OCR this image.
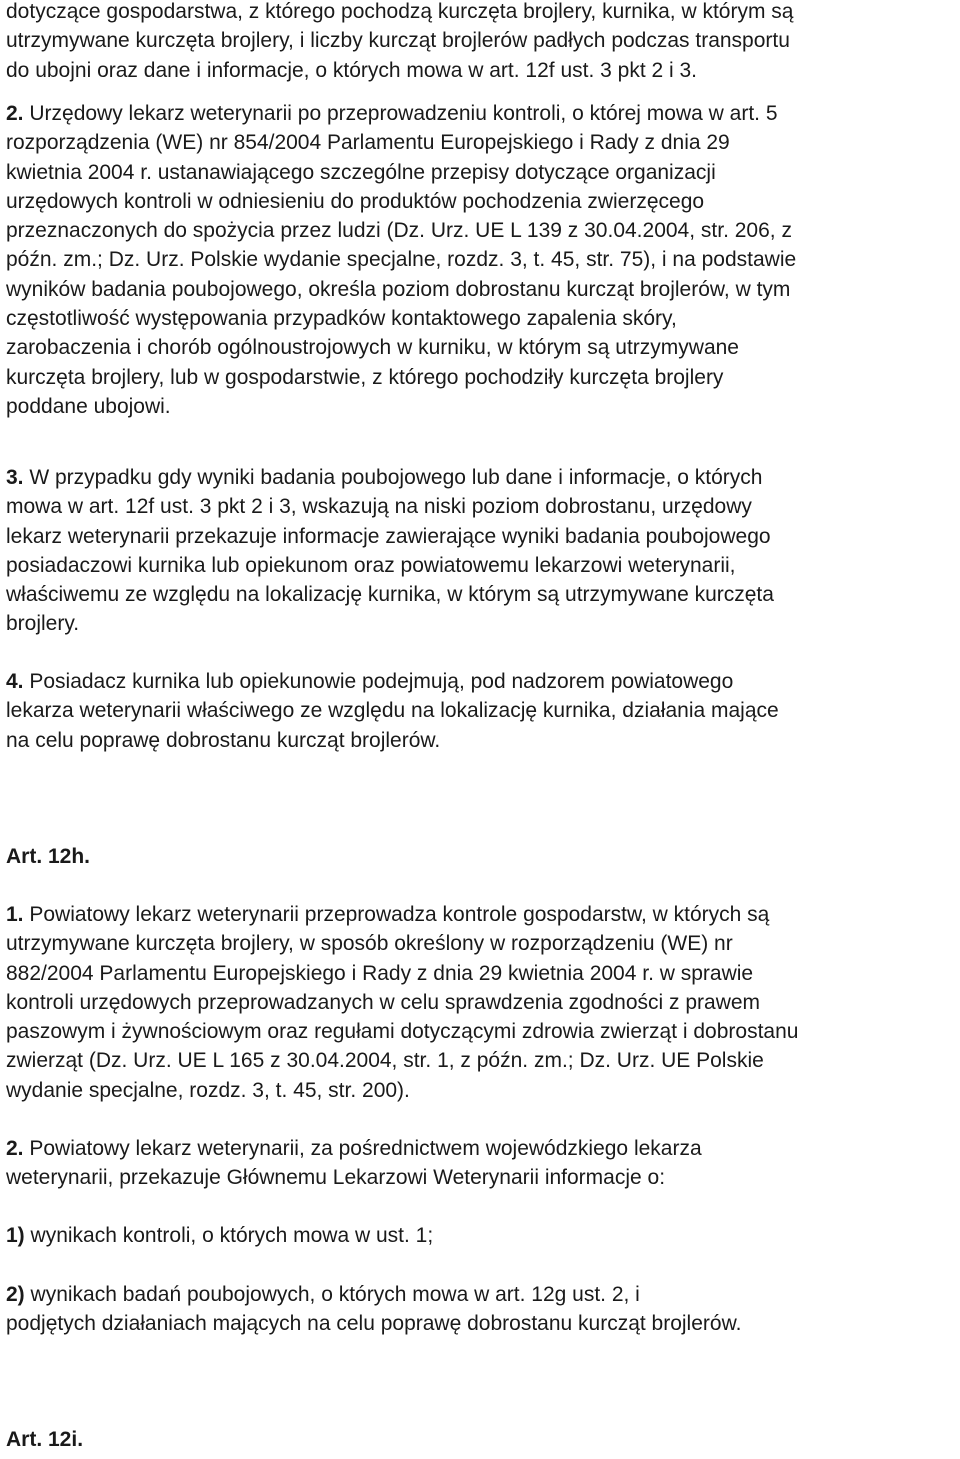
dotyczące gospodarstwa, z którego pochodzą kurczęta brojlery, kurnika, w którym są
utrzymywane kurczęta brojlery, i liczby kurcząt brojlerów padłych podczas transportu
do ubojni oraz dane i informacje, o których mowa w art. 12f ust. 3 pkt 2 i 3.

2. Urzędowy lekarz weterynarii po przeprowadzeniu kontroli, o której mowa w art. 5
rozporządzenia (WE) nr 854/2004 Parlamentu Europejskiego i Rady z dnia 29
kwietnia 2004 r. ustanawiającego szczególne przepisy dotyczące organizacji
urzędowych kontroli w odniesieniu do produktów pochodzenia zwierzęcego
przeznaczonych do spożycia przez ludzi (Dz. Urz. UE L 139 z 30.04.2004, str. 206, z
późn. zm.; Dz. Urz. Polskie wydanie specjalne, rozdz. 3, t. 45, str. 75), i na podstawie
wyników badania poubojowego, określa poziom dobrostanu kurcząt brojlerów, w tym
częstotliwość występowania przypadków kontaktowego zapalenia skóry,
zarobaczenia i chorób ogólnoustrojowych w kurniku, w którym są utrzymywane
kurczęta brojlery, lub w gospodarstwie, z którego pochodziły kurczęta brojlery
poddane ubojowi.

3. W przypadku gdy wyniki badania poubojowego lub dane i informacje, o których
mowa w art. 12f ust. 3 pkt 2 i 3, wskazują na niski poziom dobrostanu, urzędowy
lekarz weterynarii przekazuje informacje zawierające wyniki badania poubojowego
posiadaczowi kurnika lub opiekunom oraz powiatowemu lekarzowi weterynarii,
właściwemu ze względu na lokalizację kurnika, w którym są utrzymywane kurczęta
brojlery.

4. Posiadacz kurnika lub opiekunowie podejmują, pod nadzorem powiatowego
lekarza weterynarii właściwego ze względu na lokalizację kurnika, działania mające
na celu poprawę dobrostanu kurcząt brojlerów.

Art. 12h.

1. Powiatowy lekarz weterynarii przeprowadza kontrole gospodarstw, w których są
utrzymywane kurczęta brojlery, w sposób określony w rozporządzeniu (WE) nr
882/2004 Parlamentu Europejskiego i Rady z dnia 29 kwietnia 2004 r. w sprawie
kontroli urzędowych przeprowadzanych w celu sprawdzenia zgodności z prawem
paszowym i żywnościowym oraz regułami dotyczącymi zdrowia zwierząt i dobrostanu
zwierząt (Dz. Urz. UE L 165 z 30.04.2004, str. 1, z późn. zm.; Dz. Urz. UE Polskie
wydanie specjalne, rozdz. 3, t. 45, str. 200).

2. Powiatowy lekarz weterynarii, za pośrednictwem wojewódzkiego lekarza
weterynarii, przekazuje Głównemu Lekarzowi Weterynarii informacje o:

1) wynikach kontroli, o których mowa w ust. 1;

2) wynikach badań poubojowych, o których mowa w art. 12g ust. 2, i
podjętych działaniach mających na celu poprawę dobrostanu kurcząt brojlerów.

Art. 12i.
